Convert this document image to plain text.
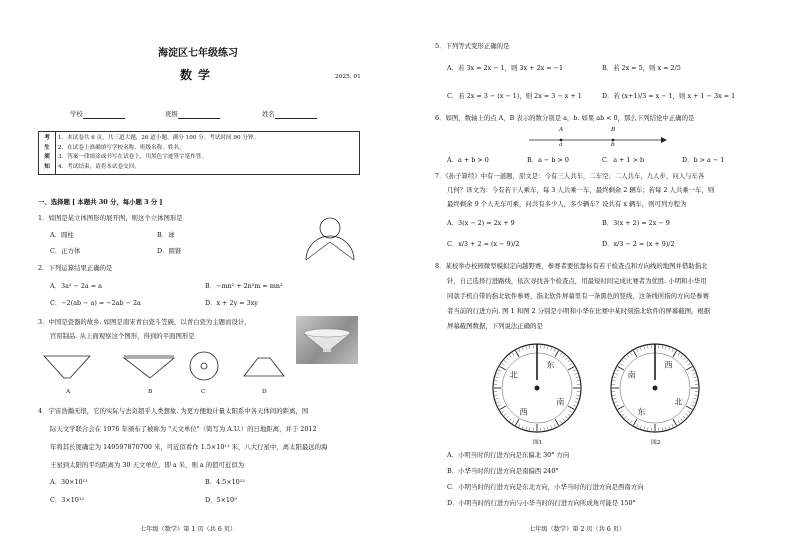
海淀区七年级练习
数学	2025. 01
学校	班级	姓名
考
生
须
知

1．本试卷共 6 页，共三道大题，26 道小题，满分 100 分。考试时间 90 分钟。
2．在试卷上准确填写学校名称、班级名称、姓名。
3．答案一律填涂或书写在试卷上，用黑色字迹签字笔作答。
4．考试结束，请将本试卷交回。
一、选择题 [ 本题共 30 分，每小题 3 分 ]
1．如图是某立体图形的展开图，则这个立体图形是
A．圆柱	B．球
C．正方体	D．圆锥
2．下列运算结果正确的是
A．3a² − 2a = a	B．−mn² + 2n²m = mn²
C．−2(ab − a) = −2ab − 2a	D．x + 2y = 3xy
3．中国是瓷器的故乡. 如图是南宋青白瓷斗笠碗，以青白瓷为主题而设计，
官窑制品. 从上面观察这个图形，得到的平面图形是
A	B	C	D
4．宇宙浩瀚无垠，它的实际与去奇超乎人类想象. 为更方便地计量太阳系中各天体间的距离，国
际天文学联合会在 1976 年颁布了被称为 "天文单位"（简写为 A.U.）的日地距离，并于 2012
年将其长度确定为 149597870700 米，可近似看作 1.5×10¹¹ 米，八大行星中，离太阳最远的海
王星到太阳的平均距离为 30 天文单位，即 a 米，则 a 的值可近似为
A．30×10¹¹	B．4.5×10¹²
C．3×10¹²	D．5×10⁹
七年级（数学）第 1 页（共 6 页）
5．下列等式变形正确的是
A．若 3x = 2x − 1，则 3x + 2x = −1	B．若 2x = 5，则 x = 2/5
C．若 2x = 3 − (x − 1)，则 2x = 3 − x + 1	D．若 (x+1)/3 = x − 1，则 x + 1 − 3x = 1
6．如图，数轴上的点 A，B 表示的数分别是 a，b. 如果 ab < 0，那么下列结论中正确的是
A
a
B
b
A．a + b > 0	B．a − b > 0	C．a + 1 > b	D．b > a − 1
7．《孙子算经》中有一道题，原文是：今有三人共车，二车空；二人共车，九人步，问人与车各
几何？译文为：今有若干人乘车，每 3 人共乘一车，最终剩余 2 辆车；若每 2 人共乘一车，则
最终剩余 9 个人无车可乘，问共有多少人，多少辆车？设共有 x 辆车，则可列方程为
A．3(x − 2) = 2x + 9	B．3(x + 2) = 2x − 9
C．x/3 + 2 = (x − 9)/2	D．x/3 − 2 = (x + 9)/2
8．某校举办校园微型模拟定向越野赛，参赛者要依靠标有若干检查点和方向线的地图并借助指北
针，自己选择行进路线，依次寻找各个检查点，用最短时间完成比赛者为优胜. 小明和小华用
同款手机自带的指北软件参赛，指北软件屏幕里有一条黑色的竖线，这条线所指的方向是参赛
者当前的行进方向. 图 1 和图 2 分别是小明和小华在比赛中某时刻指北软件的屏幕截图，根据
屏幕截图数据，下列说法正确的是
北
东
南
西
北
东
南
西
图1	图2
A．小明当时的行进方向是东偏北 30° 方向
B．小华当时的行进方向是南偏西 240°
C．小明当时的行进方向是东北方向，小华当时的行进方向是西南方向
D．小明当时的行进方向与小华当时的行进方向所成角可能是 150°
七年级（数学）第 2 页（共 6 页）
